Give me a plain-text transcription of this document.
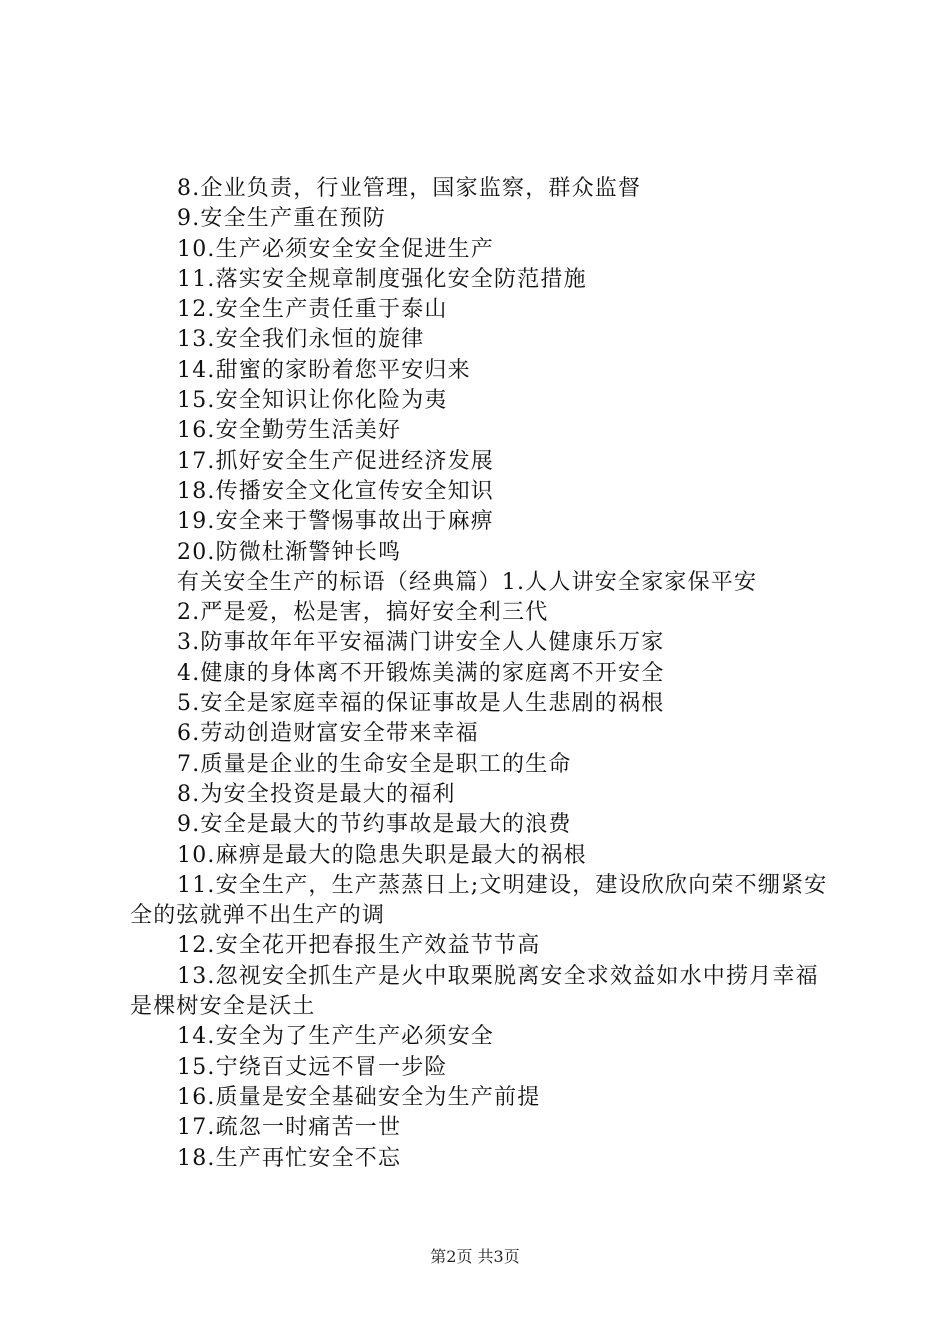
8.企业负责，行业管理，国家监察，群众监督
9.安全生产重在预防
10.生产必须安全安全促进生产
11.落实安全规章制度强化安全防范措施
12.安全生产责任重于泰山
13.安全我们永恒的旋律
14.甜蜜的家盼着您平安归来
15.安全知识让你化险为夷
16.安全勤劳生活美好
17.抓好安全生产促进经济发展
18.传播安全文化宣传安全知识
19.安全来于警惕事故出于麻痹
20.防微杜渐警钟长鸣
有关安全生产的标语（经典篇）1.人人讲安全家家保平安
2.严是爱，松是害，搞好安全利三代
3.防事故年年平安福满门讲安全人人健康乐万家
4.健康的身体离不开锻炼美满的家庭离不开安全
5.安全是家庭幸福的保证事故是人生悲剧的祸根
6.劳动创造财富安全带来幸福
7.质量是企业的生命安全是职工的生命
8.为安全投资是最大的福利
9.安全是最大的节约事故是最大的浪费
10.麻痹是最大的隐患失职是最大的祸根
11.安全生产，生产蒸蒸日上;文明建设，建设欣欣向荣不绷紧安全的弦就弹不出生产的调
12.安全花开把春报生产效益节节高
13.忽视安全抓生产是火中取栗脱离安全求效益如水中捞月幸福是棵树安全是沃土
14.安全为了生产生产必须安全
15.宁绕百丈远不冒一步险
16.质量是安全基础安全为生产前提
17.疏忽一时痛苦一世
18.生产再忙安全不忘
第2页 共3页
